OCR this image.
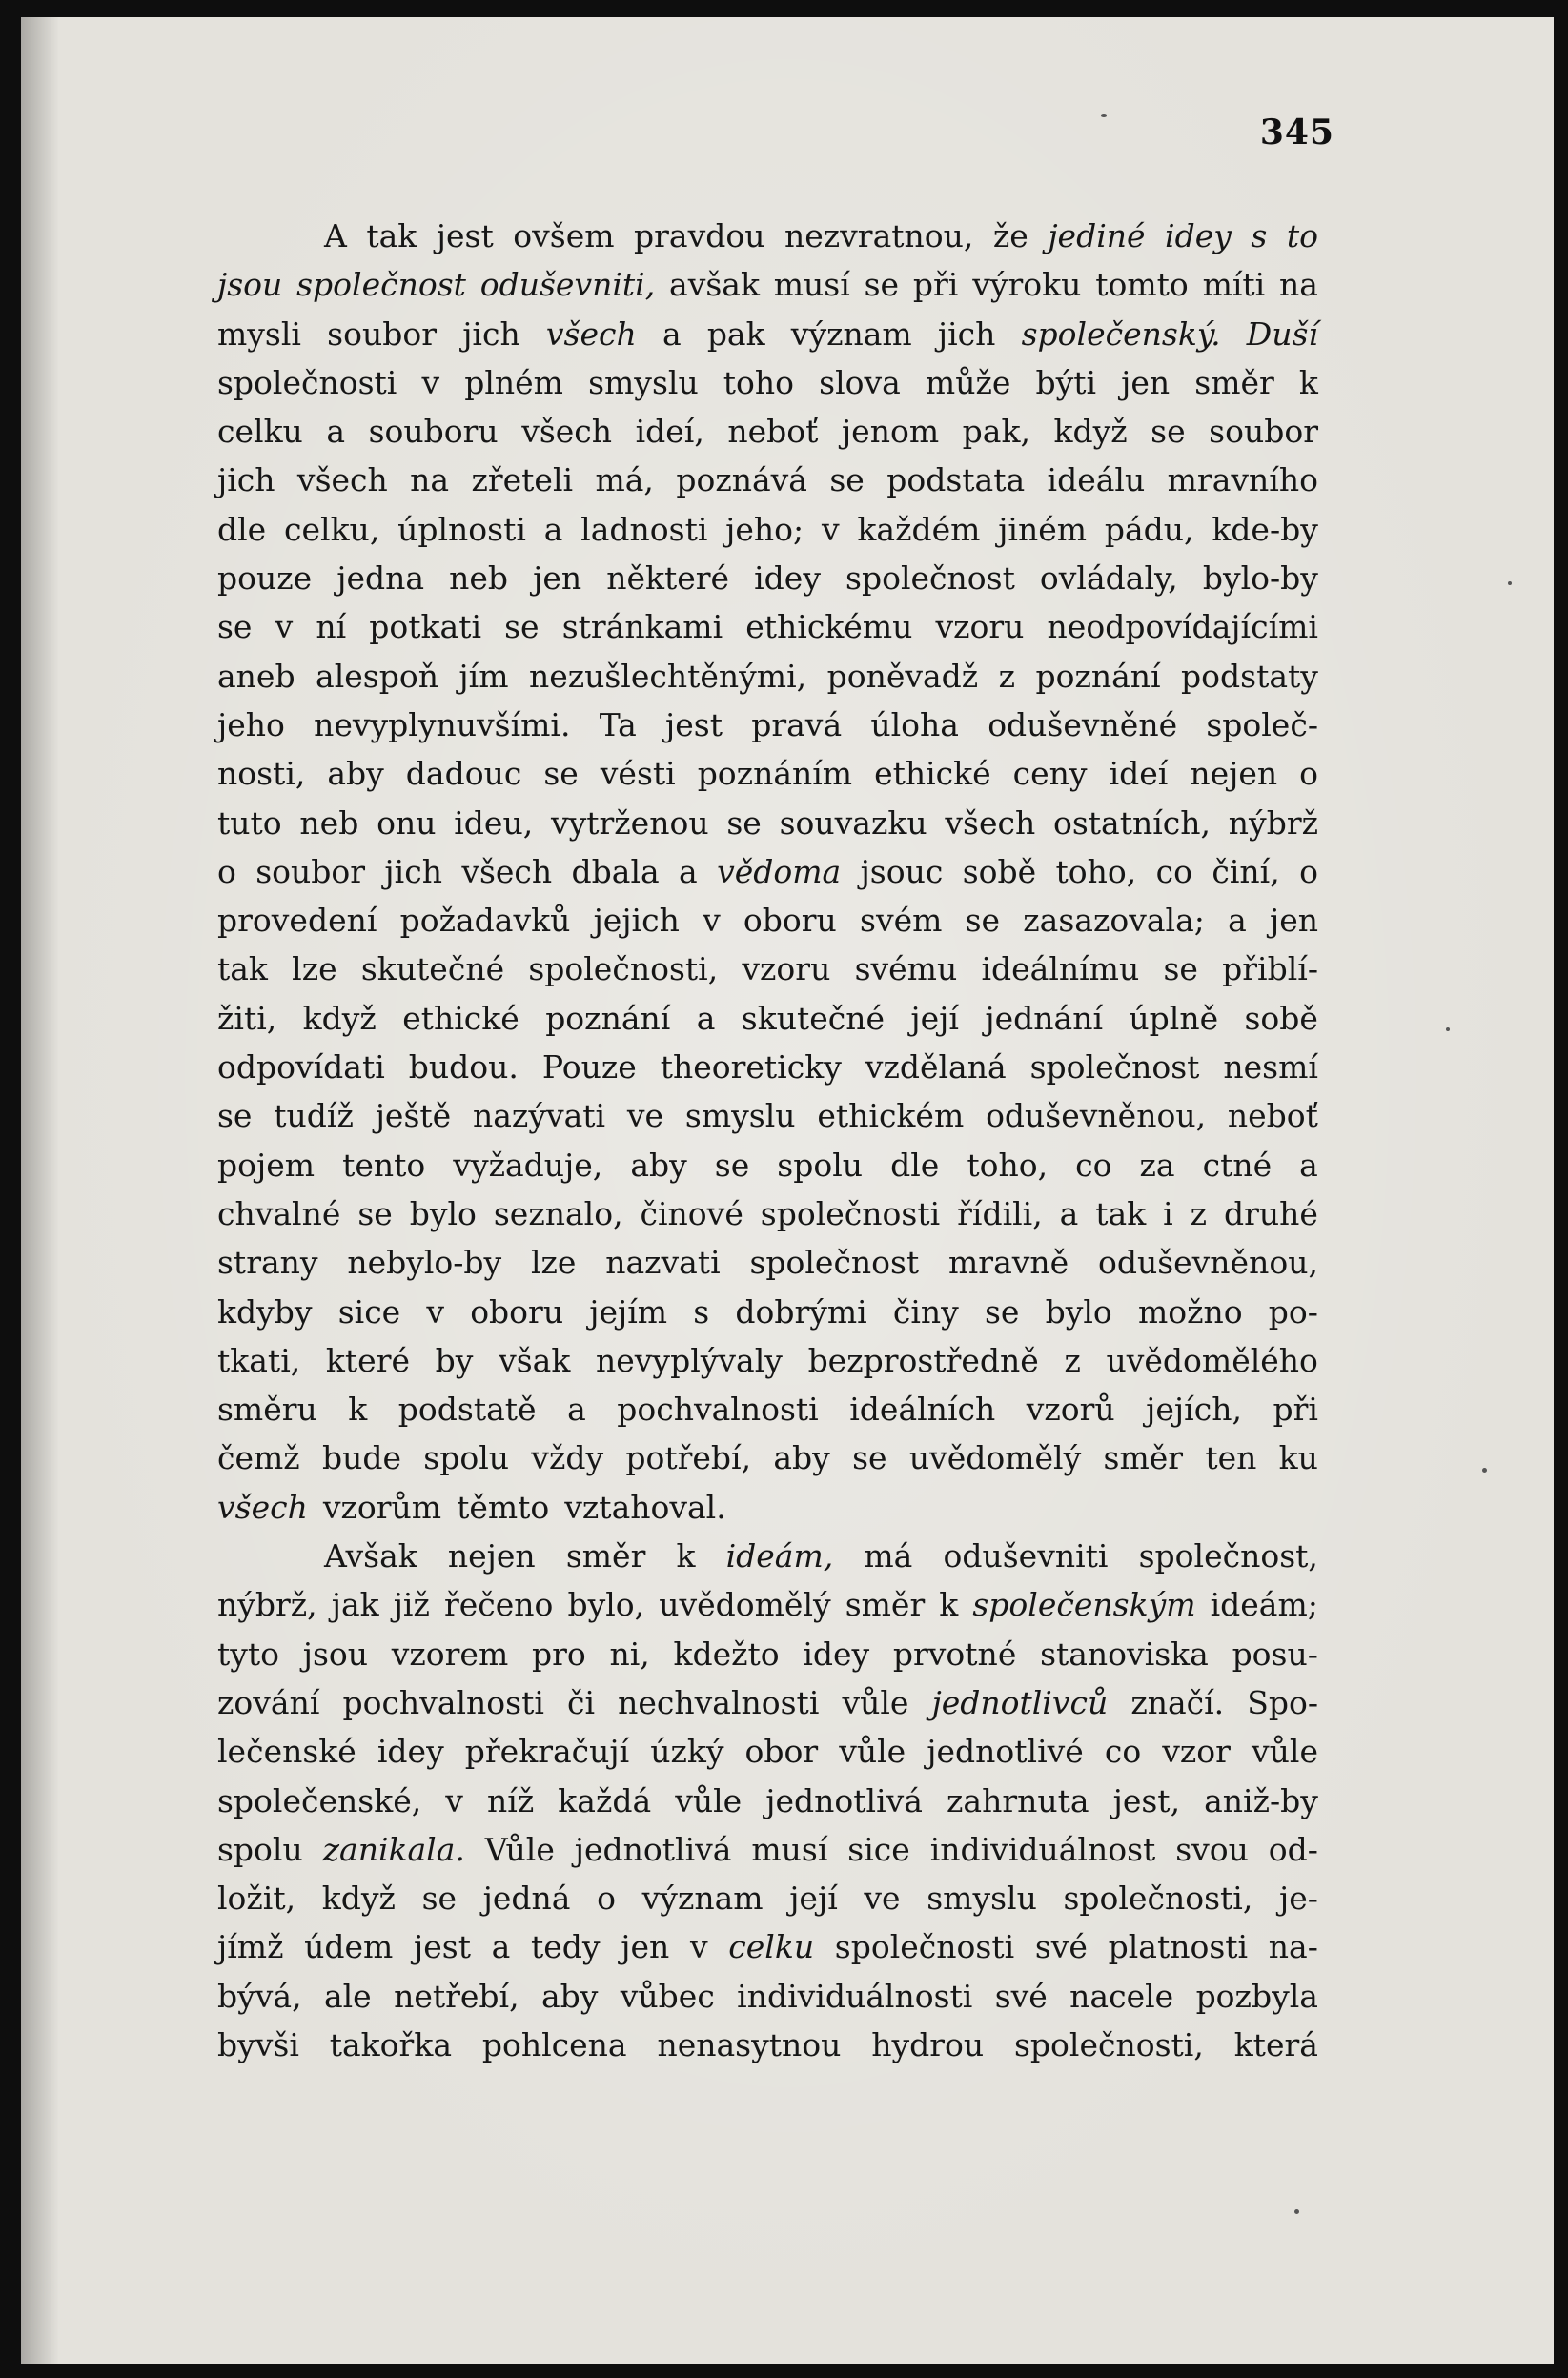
345
A tak jest ovšem pravdou nezvratnou, že jediné idey s to
jsou společnost oduševniti, avšak musí se při výroku tomto míti na
mysli soubor jich všech a pak význam jich společenský. Duší
společnosti v plném smyslu toho slova může býti jen směr k
celku a souboru všech ideí, neboť jenom pak, když se soubor
jich všech na zřeteli má, poznává se podstata ideálu mravního
dle celku, úplnosti a ladnosti jeho; v každém jiném pádu, kde-by
pouze jedna neb jen některé idey společnost ovládaly, bylo-by
se v ní potkati se stránkami ethickému vzoru neodpovídajícími
aneb alespoň jím nezušlechtěnými, poněvadž z poznání podstaty
jeho nevyplynuvšími. Ta jest pravá úloha oduševněné společ-
nosti, aby dadouc se vésti poznáním ethické ceny ideí nejen o
tuto neb onu ideu, vytrženou se souvazku všech ostatních, nýbrž
o soubor jich všech dbala a vědoma jsouc sobě toho, co činí, o
provedení požadavků jejich v oboru svém se zasazovala; a jen
tak lze skutečné společnosti, vzoru svému ideálnímu se přiblí-
žiti, když ethické poznání a skutečné její jednání úplně sobě
odpovídati budou. Pouze theoreticky vzdělaná společnost nesmí
se tudíž ještě nazývati ve smyslu ethickém oduševněnou, neboť
pojem tento vyžaduje, aby se spolu dle toho, co za ctné a
chvalné se bylo seznalo, činové společnosti řídili, a tak i z druhé
strany nebylo-by lze nazvati společnost mravně oduševněnou,
kdyby sice v oboru jejím s dobrými činy se bylo možno po-
tkati, které by však nevyplývaly bezprostředně z uvědomělého
směru k podstatě a pochvalnosti ideálních vzorů jejích, při
čemž bude spolu vždy potřebí, aby se uvědomělý směr ten ku
všech vzorům těmto vztahoval.
Avšak nejen směr k ideám, má oduševniti společnost,
nýbrž, jak již řečeno bylo, uvědomělý směr k společenským ideám;
tyto jsou vzorem pro ni, kdežto idey prvotné stanoviska posu-
zování pochvalnosti či nechvalnosti vůle jednotlivců značí. Spo-
lečenské idey překračují úzký obor vůle jednotlivé co vzor vůle
společenské, v níž každá vůle jednotlivá zahrnuta jest, aniž-by
spolu zanikala. Vůle jednotlivá musí sice individuálnost svou od-
ložit, když se jedná o význam její ve smyslu společnosti, je-
jímž údem jest a tedy jen v celku společnosti své platnosti na-
bývá, ale netřebí, aby vůbec individuálnosti své nacele pozbyla
byvši takořka pohlcena nenasytnou hydrou společnosti, která
